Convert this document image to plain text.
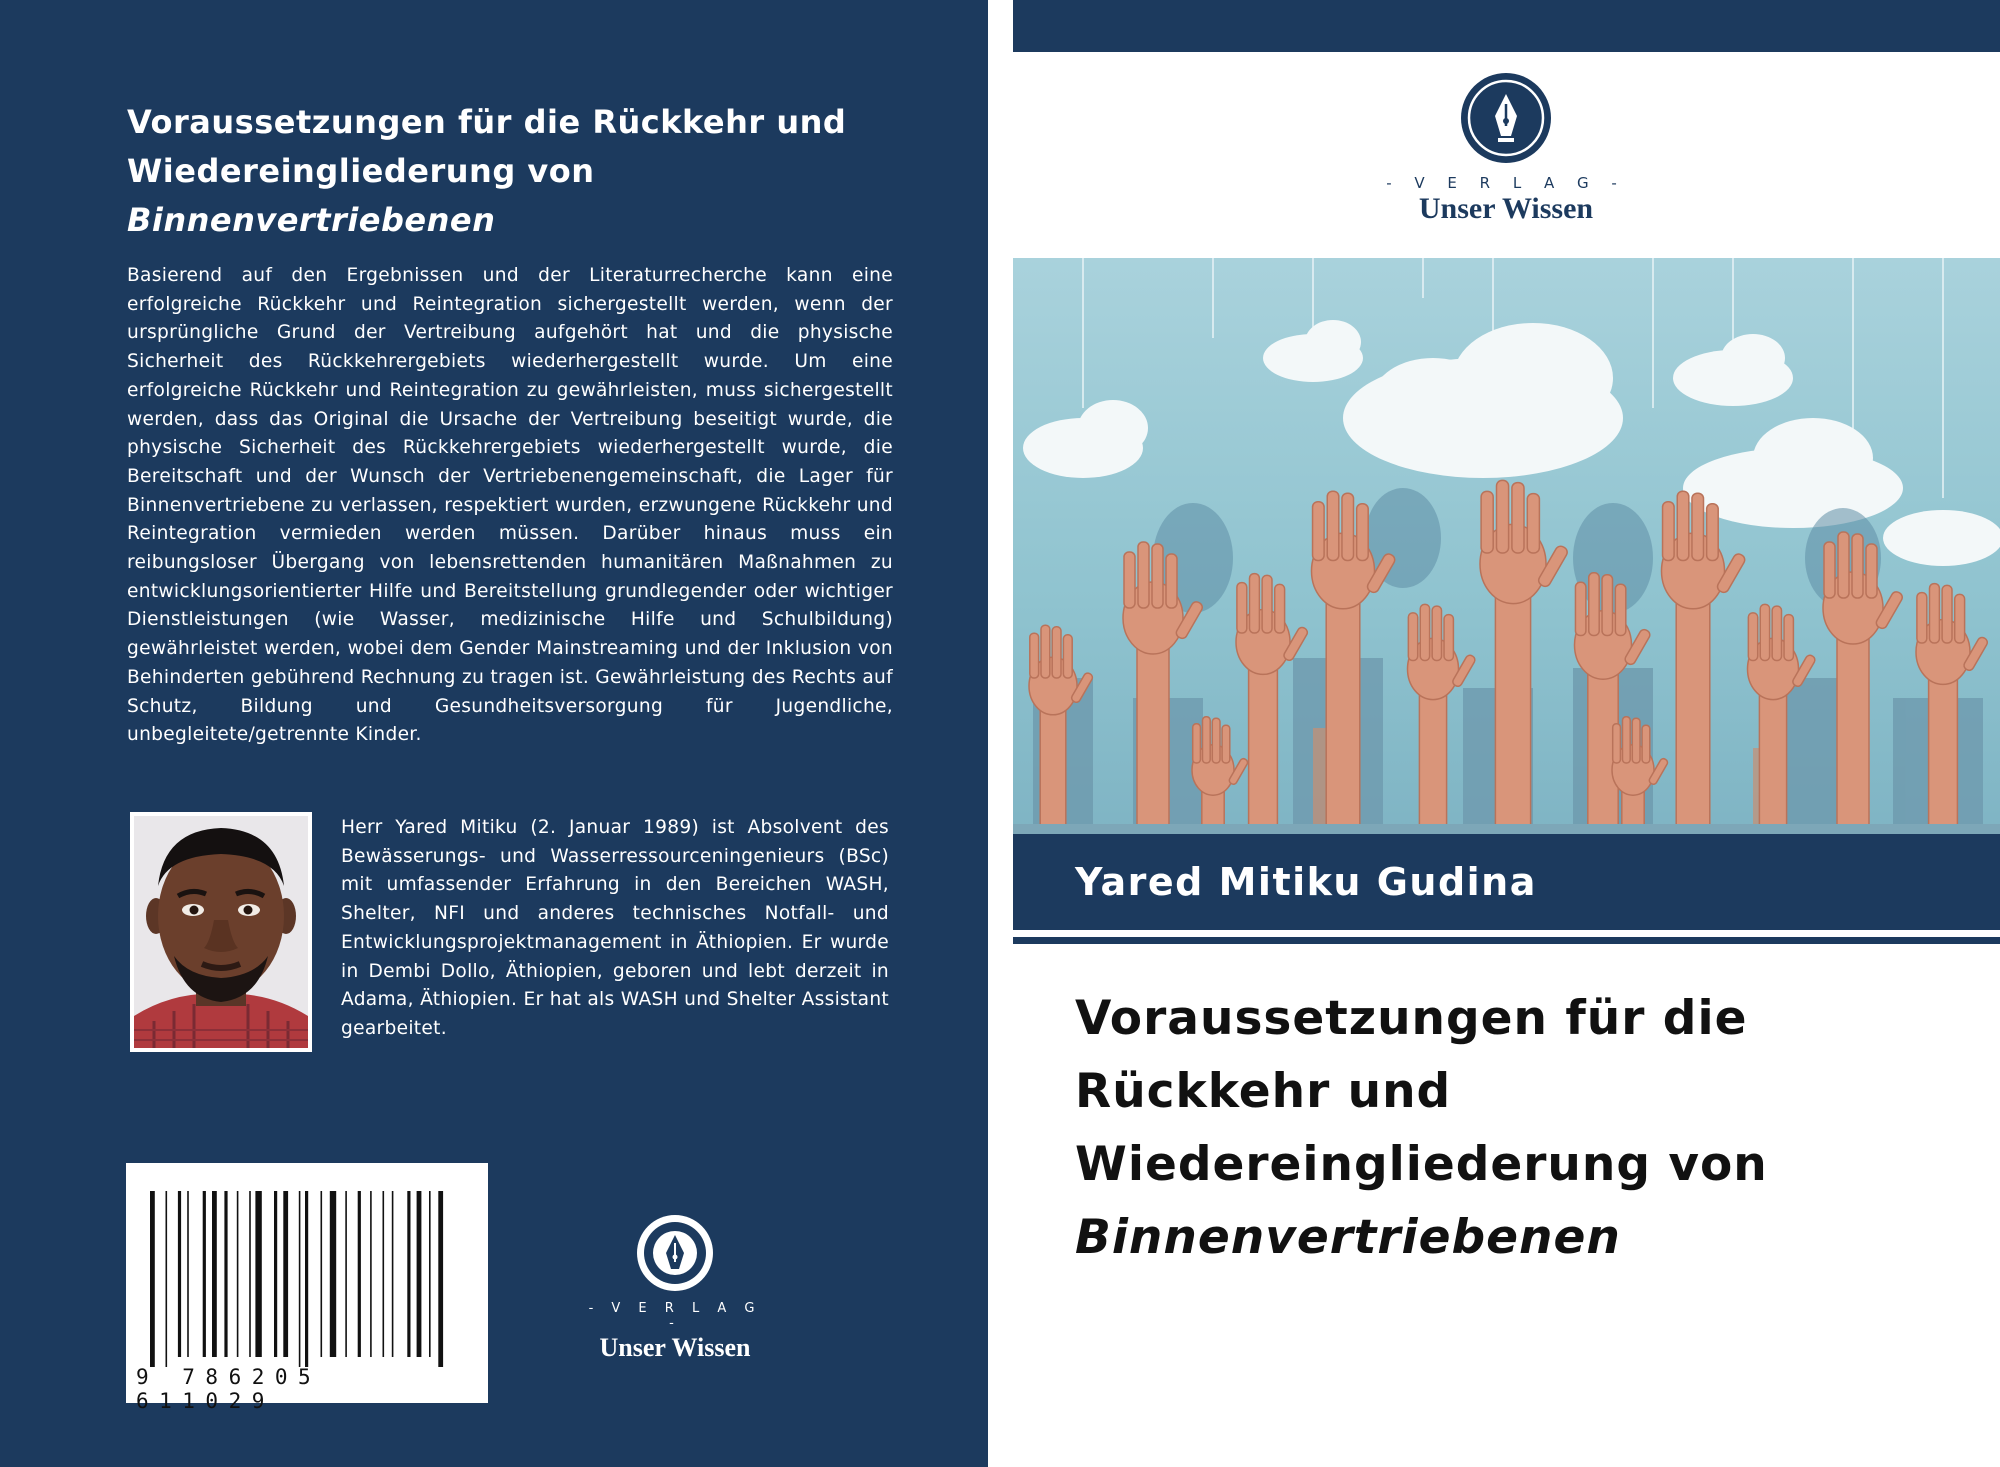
Voraussetzungen für die Rückkehr und
Wiedereingliederung von
Binnenvertriebenen
Basierend auf den Ergebnissen und der Literaturrecherche kann eine erfolgreiche Rückkehr und Reintegration sichergestellt werden, wenn der ursprüngliche Grund der Vertreibung aufgehört hat und die physische Sicherheit des Rückkehrergebiets wiederhergestellt wurde. Um eine erfolgreiche Rückkehr und Reintegration zu gewährleisten, muss sichergestellt werden, dass das Original die Ursache der Vertreibung beseitigt wurde, die physische Sicherheit des Rückkehrergebiets wiederhergestellt wurde, die Bereitschaft und der Wunsch der Vertriebenengemeinschaft, die Lager für Binnenvertriebene zu verlassen, respektiert wurden, erzwungene Rückkehr und Reintegration vermieden werden müssen. Darüber hinaus muss ein reibungsloser Übergang von lebensrettenden humanitären Maßnahmen zu entwicklungsorientierter Hilfe und Bereitstellung grundlegender oder wichtiger Dienstleistungen (wie Wasser, medizinische Hilfe und Schulbildung) gewährleistet werden, wobei dem Gender Mainstreaming und der Inklusion von Behinderten gebührend Rechnung zu tragen ist. Gewährleistung des Rechts auf Schutz, Bildung und Gesundheitsversorgung für Jugendliche, unbegleitete/getrennte Kinder.
Herr Yared Mitiku (2. Januar 1989) ist Absolvent des Bewässerungs- und Wasserressourceningenieurs (BSc) mit umfassender Erfahrung in den Bereichen WASH, Shelter, NFI und anderes technisches Notfall- und Entwicklungsprojektmanagement in Äthiopien. Er wurde in Dembi Dollo, Äthiopien, geboren und lebt derzeit in Adama, Äthiopien. Er hat als WASH und Shelter Assistant gearbeitet.
9 786205 611029
- V E R L A G -
Unser Wissen
- V E R L A G -
Unser Wissen
Yared Mitiku Gudina
Voraussetzungen für die
Rückkehr und
Wiedereingliederung von
Binnenvertriebenen
